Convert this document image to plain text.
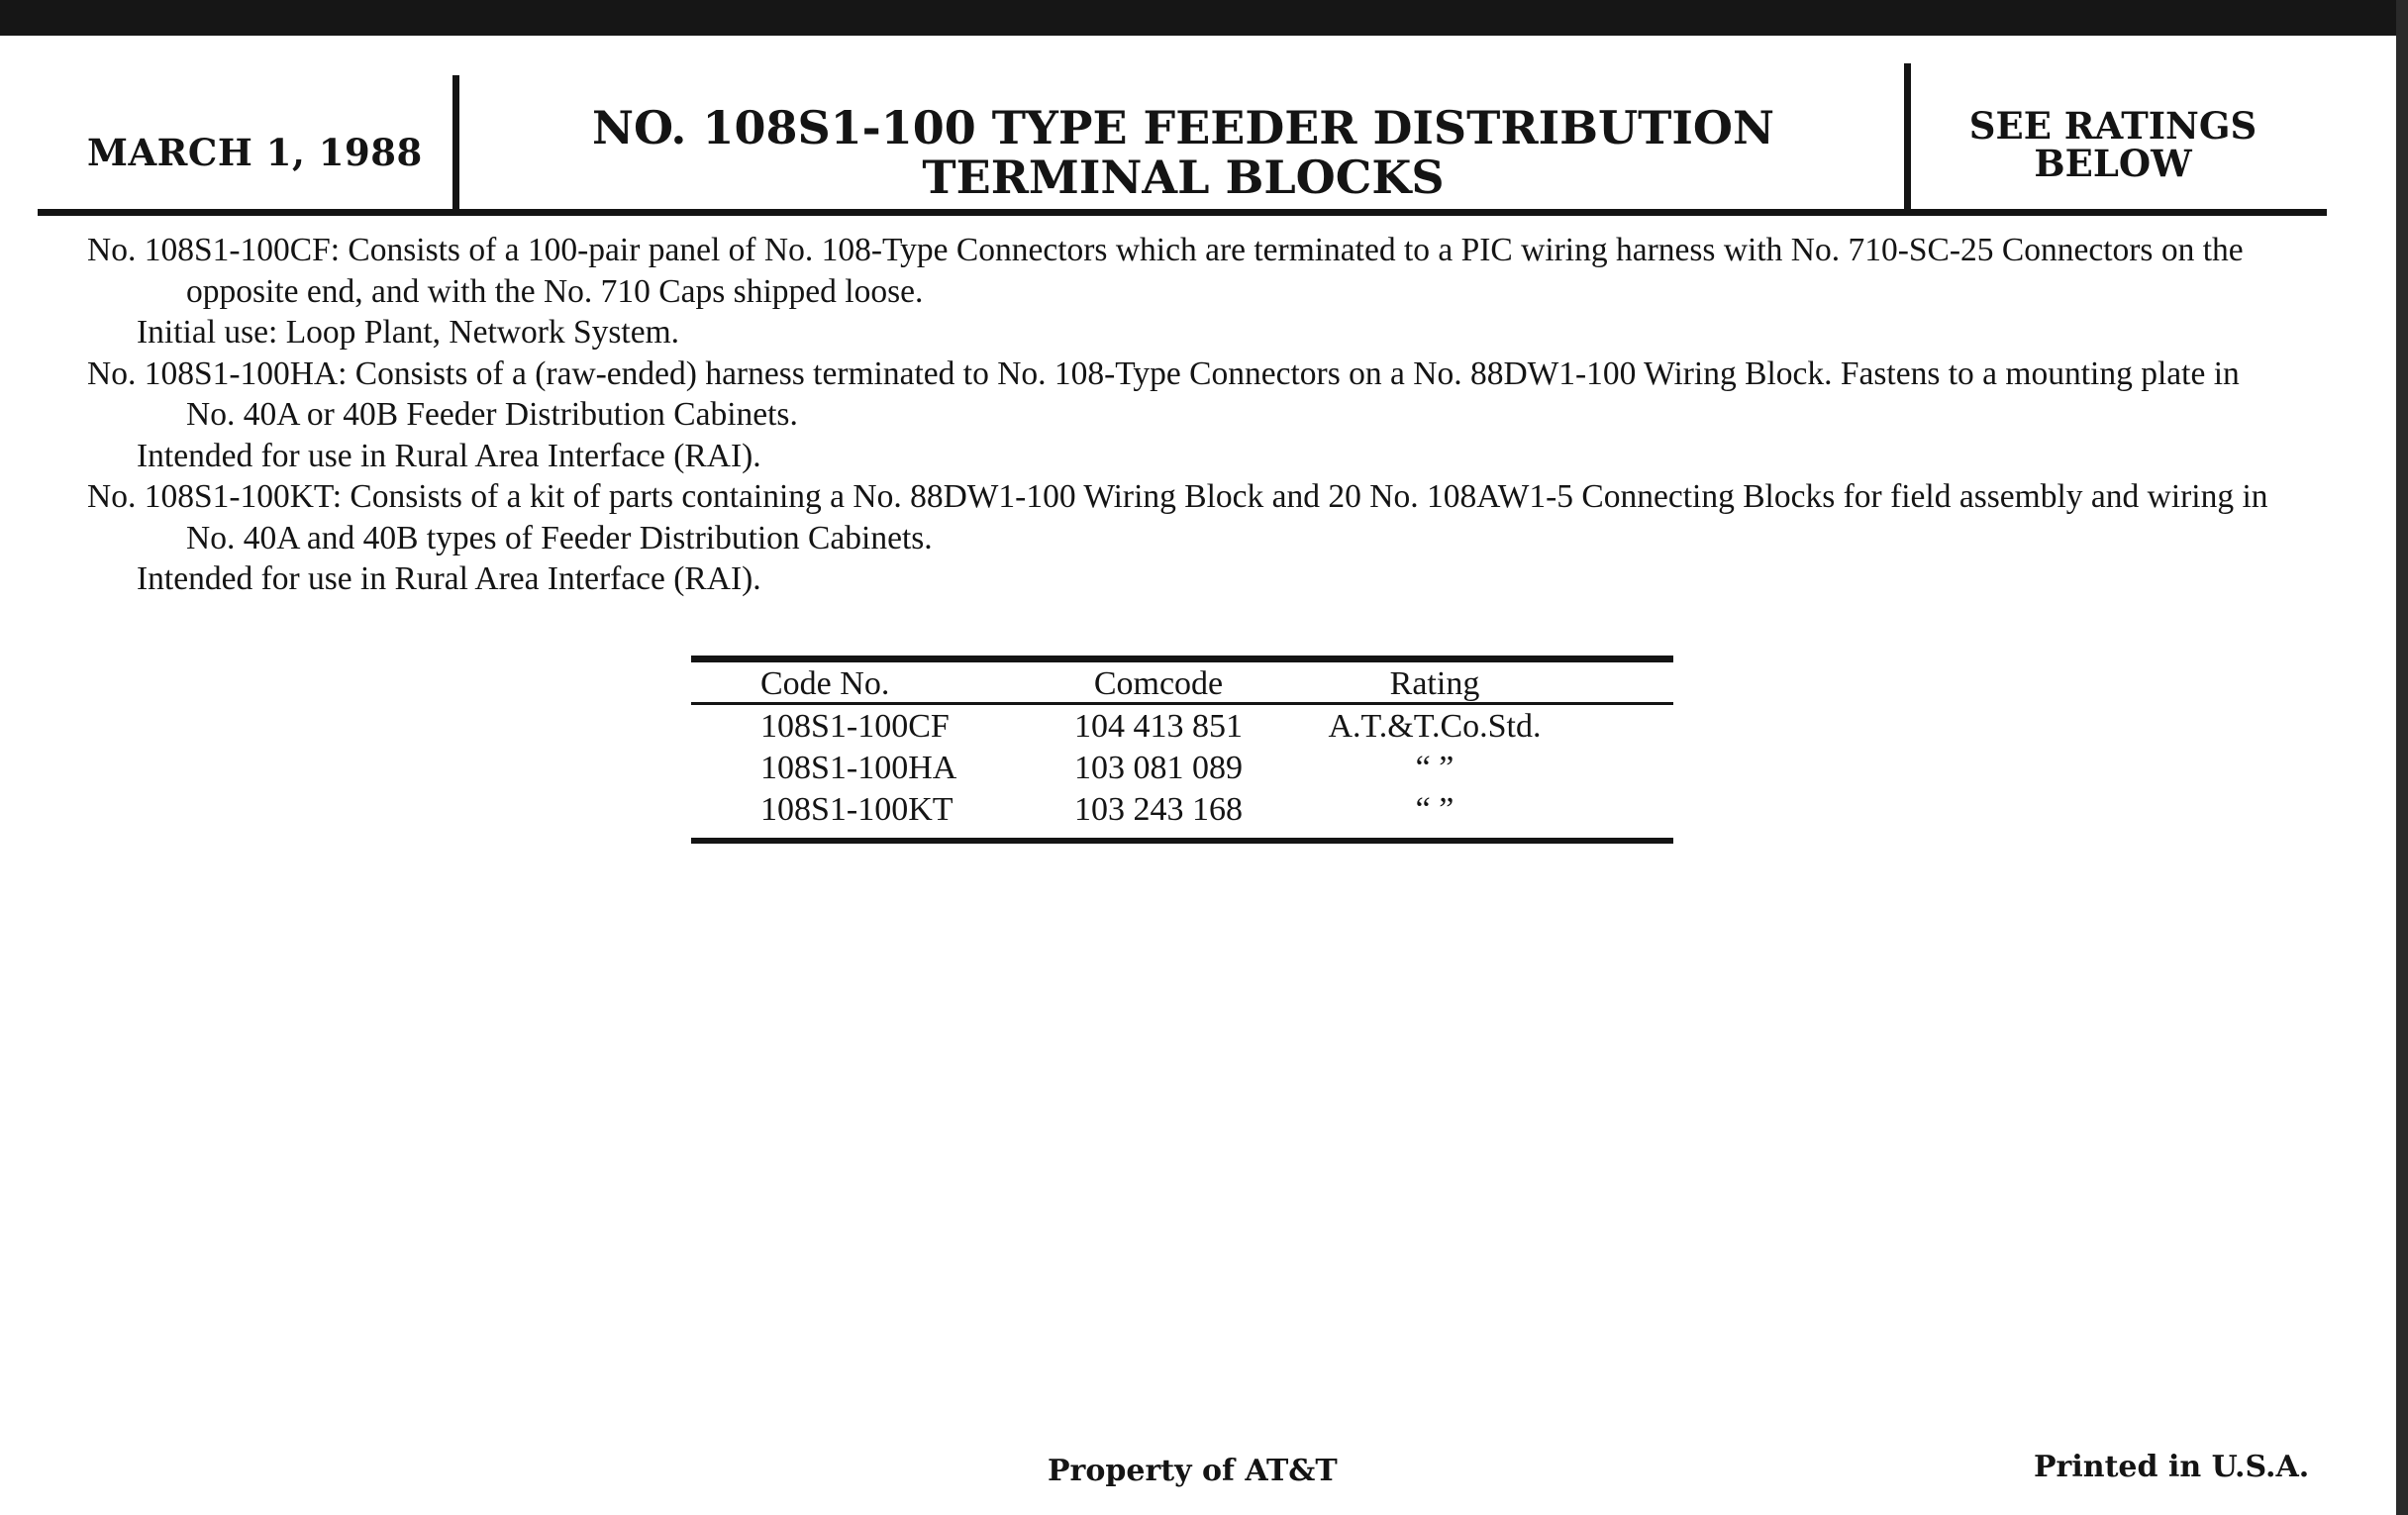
MARCH 1, 1988	NO. 108S1-100 TYPE FEEDER DISTRIBUTION
TERMINAL BLOCKS
SEE RATINGS
BELOW

No. 108S1-100CF: Consists of a 100-pair panel of No. 108-Type Connectors which are terminated to a PIC wiring harness with No. 710-SC-25 Connectors on the opposite end, and with the No. 710 Caps shipped loose.

Initial use: Loop Plant, Network System.

No. 108S1-100HA: Consists of a (raw-ended) harness terminated to No. 108-Type Connectors on a No. 88DW1-100 Wiring Block. Fastens to a mounting plate in No. 40A or 40B Feeder Distribution Cabinets.

Intended for use in Rural Area Interface (RAI).

No. 108S1-100KT: Consists of a kit of parts containing a No. 88DW1-100 Wiring Block and 20 No. 108AW1-5 Connecting Blocks for field assembly and wiring in No. 40A and 40B types of Feeder Distribution Cabinets.

Intended for use in Rural Area Interface (RAI).

Code No.	Comcode	Rating
108S1-100CF	104 413 851	A.T.&T.Co.Std.
108S1-100HA	103 081 089	“ ”
108S1-100KT	103 243 168	“ ”
Property of AT&T	Printed in U.S.A.
